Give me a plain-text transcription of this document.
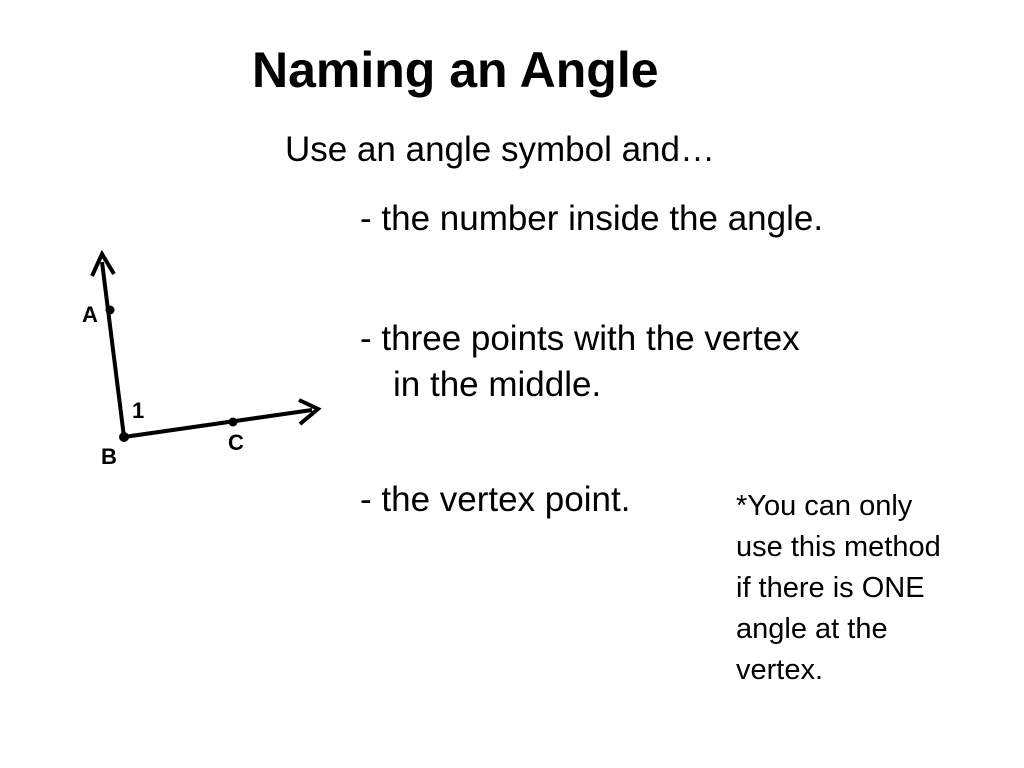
Naming an Angle
Use an angle symbol and…
- the number inside the angle.
- three points with the vertex
in the middle.
- the vertex point.	*You can only
use this method
if there is ONE
angle at the
vertex.
A
B
C
1
